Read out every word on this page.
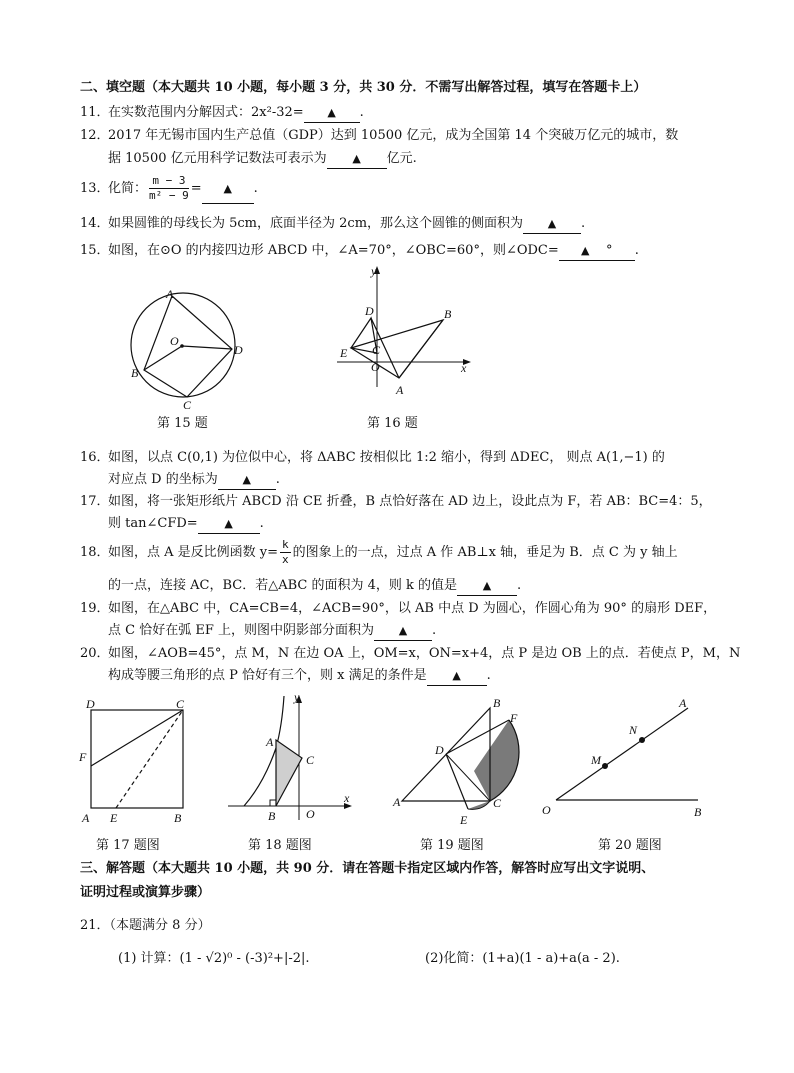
二、填空题（本大题共 10 小题，每小题 3 分，共 30 分．不需写出解答过程，填写在答题卡上）
11．在实数范围内分解因式：2x²-32= ▲ .
12．2017 年无锡市国内生产总值（GDP）达到 10500 亿元，成为全国第 14 个突破万亿元的城市，数
据 10500 亿元用科学记数法可表示为 ▲ 亿元.
13．化简： $\frac{m - 3}{\text{m² − 9}}$ = ▲ .
14．如果圆锥的母线长为 5cm，底面半径为 2cm，那么这个圆锥的侧面积为 ▲ .
15．如图，在⊙O 的内接四边形 ABCD 中，∠A=70°，∠OBC=60°，则∠ODC= ▲ ° .
A
D
C
B
O
第 15 题
y
x
D	B
E C
O
A
第 16 题
16．如图，以点 C(0,1) 为位似中心，将 ΔABC 按相似比 1:2 缩小，得到 ΔDEC， 则点 A(1,−1) 的
对应点 D 的坐标为 ▲ .
17．如图，将一张矩形纸片 ABCD 沿 CE 折叠，B 点恰好落在 AD 边上，设此点为 F，若 AB：BC=4：5，
则 tan∠CFD= ▲ .
18．如图，点 A 是反比例函数 $y= \frac{k}{x}$ 的图象上的一点，过点 A 作 AB⊥x 轴，垂足为 B．点 C 为 y 轴上
的一点，连接 AC，BC．若△ABC 的面积为 4，则 k 的值是 ▲ .
19．如图，在△ABC 中，CA=CB=4，∠ACB=90°，以 AB 中点 D 为圆心，作圆心角为 90° 的扇形 DEF，
点 C 恰好在弧 EF 上，则图中阴影部分面积为 ▲ .
20．如图，∠AOB=45°，点 M，N 在边 OA 上，OM=x，ON=x+4，点 P 是边 OB 上的点．若使点 P，M，N
构成等腰三角形的点 P 恰好有三个，则 x 满足的条件是 ▲ .
D	C
F
A E	B
第 17 题图
y
A
C
B	O
x
第 18 题图
B
F
D
A	C
E
第 19 题图
A
N
M
O	B
第 20 题图
三、解答题（本大题共 10 小题，共 90 分．请在答题卡指定区域内作答，解答时应写出文字说明、
证明过程或演算步骤）
21．（本题满分 8 分）
(1) 计算：(1 - √2)⁰ - (-3)²+|-2|.	(2)化简：(1+a)(1 - a)+a(a - 2).
